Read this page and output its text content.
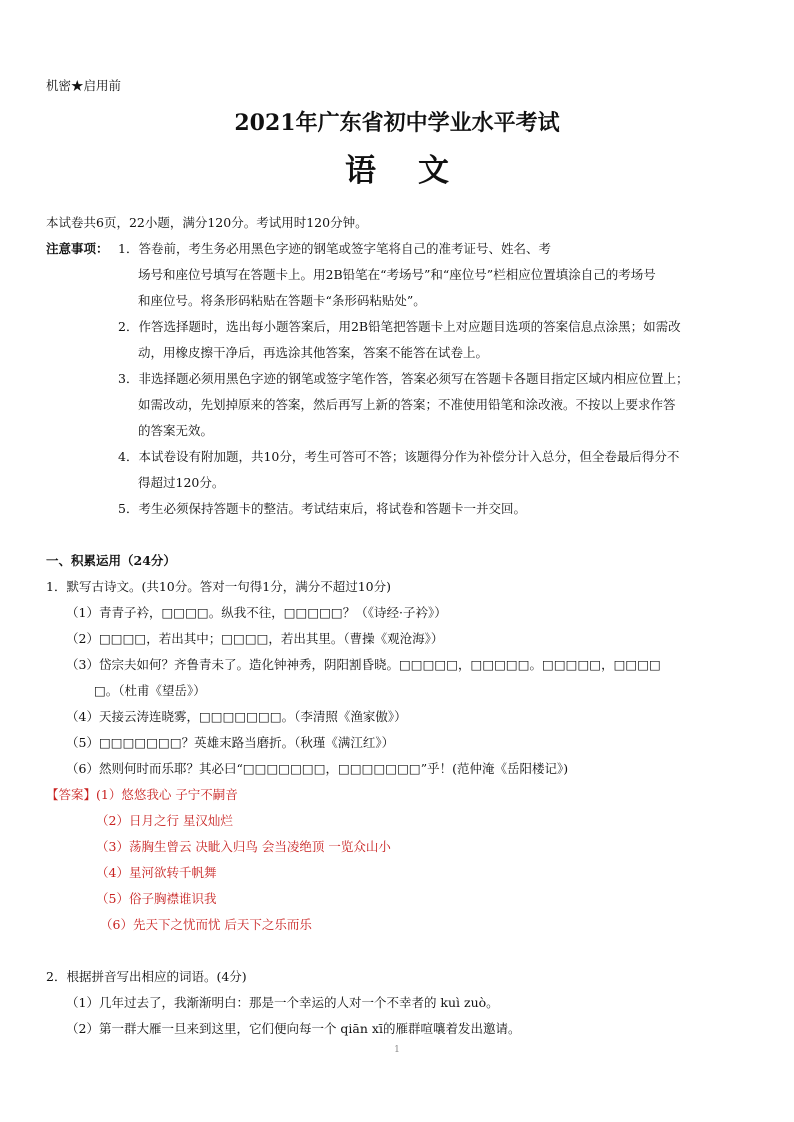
机密★启用前
2021年广东省初中学业水平考试
语文
本试卷共6页，22小题，满分120分。考试用时120分钟。
注意事项： 1．答卷前，考生务必用黑色字迹的钢笔或签字笔将自己的准考证号、姓名、考
场号和座位号填写在答题卡上。用2B铅笔在“考场号”和“座位号”栏相应位置填涂自己的考场号
和座位号。将条形码粘贴在答题卡“条形码粘贴处”。
2．作答选择题时，选出每小题答案后，用2B铅笔把答题卡上对应题目选项的答案信息点涂黑；如需改
动，用橡皮擦干净后，再选涂其他答案，答案不能答在试卷上。
3．非选择题必须用黑色字迹的钢笔或签字笔作答，答案必须写在答题卡各题目指定区域内相应位置上；
如需改动，先划掉原来的答案，然后再写上新的答案；不准使用铅笔和涂改液。不按以上要求作答
的答案无效。
4．本试卷设有附加题，共10分，考生可答可不答；该题得分作为补偿分计入总分，但全卷最后得分不
得超过120分。
5．考生必须保持答题卡的整洁。考试结束后，将试卷和答题卡一并交回。
一、积累运用（24分）
1．默写古诗文。(共10分。答对一句得1分，满分不超过10分)
（1）青青子衿，□□□□。纵我不往，□□□□□？（《诗经·子衿》）
（2）□□□□，若出其中；□□□□，若出其里。（曹操《观沧海》）
（3）岱宗夫如何？齐鲁青未了。造化钟神秀，阴阳割昏晓。□□□□□，□□□□□。□□□□□，□□□□
□。（杜甫《望岳》）
（4）天接云涛连晓雾，□□□□□□□。（李清照《渔家傲》）
（5）□□□□□□□？英雄末路当磨折。（秋瑾《满江红》）
（6）然则何时而乐耶？其必曰“□□□□□□□，□□□□□□□”乎！(范仲淹《岳阳楼记》)
【答案】 (1）悠悠我心 子宁不嗣音
（2）日月之行 星汉灿烂
（3）荡胸生曾云 决眦入归鸟 会当凌绝顶 一览众山小
（4）星河欲转千帆舞
（5）俗子胸襟谁识我
（6）先天下之忧而忧 后天下之乐而乐
2．根据拼音写出相应的词语。(4分)
（1）几年过去了，我渐渐明白：那是一个幸运的人对一个不幸者的 kuì zuò。
（2）第一群大雁一旦来到这里，它们便向每一个 qiān xī的雁群喧嚷着发出邀请。
1
